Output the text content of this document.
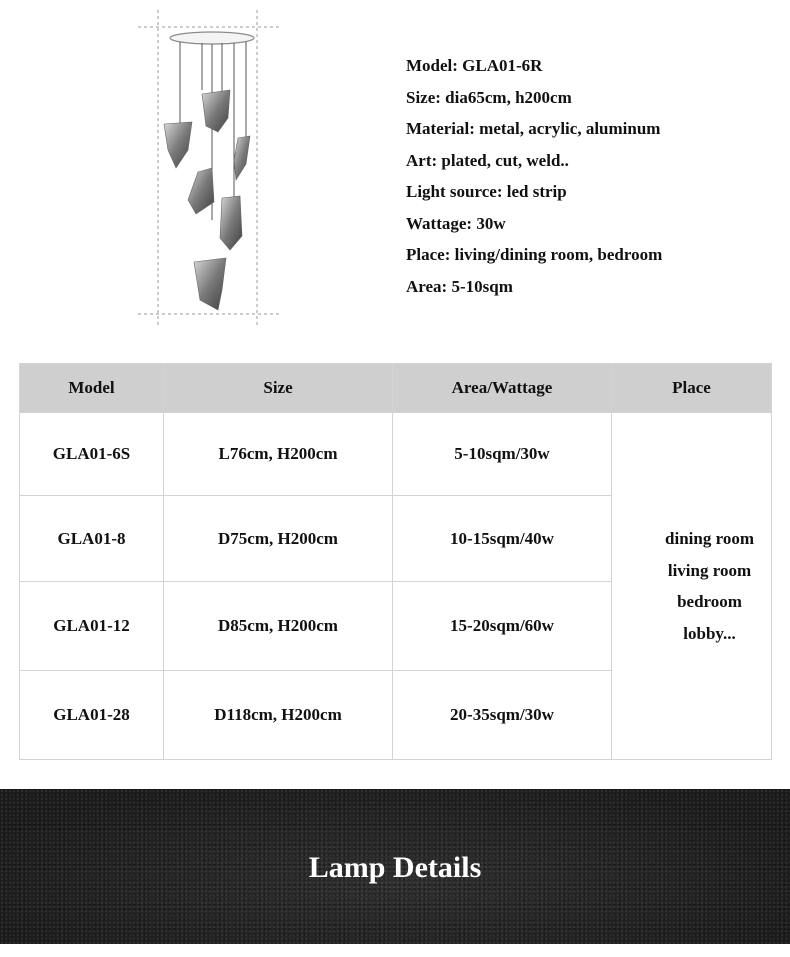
Model: GLA01-6R
Size: dia65cm, h200cm
Material: metal, acrylic, aluminum
Art: plated, cut, weld..
Light source: led strip
Wattage: 30w
Place: living/dining room, bedroom
Area: 5-10sqm
Model	Size	Area/Wattage	Place
GLA01-6S	L76cm, H200cm	5-10sqm/30w	dining room
living room
bedroom
lobby...

GLA01-8	D75cm, H200cm	10-15sqm/40w	
GLA01-12	D85cm, H200cm	15-20sqm/60w	
GLA01-28	D118cm, H200cm	20-35sqm/30w	
Lamp Details
